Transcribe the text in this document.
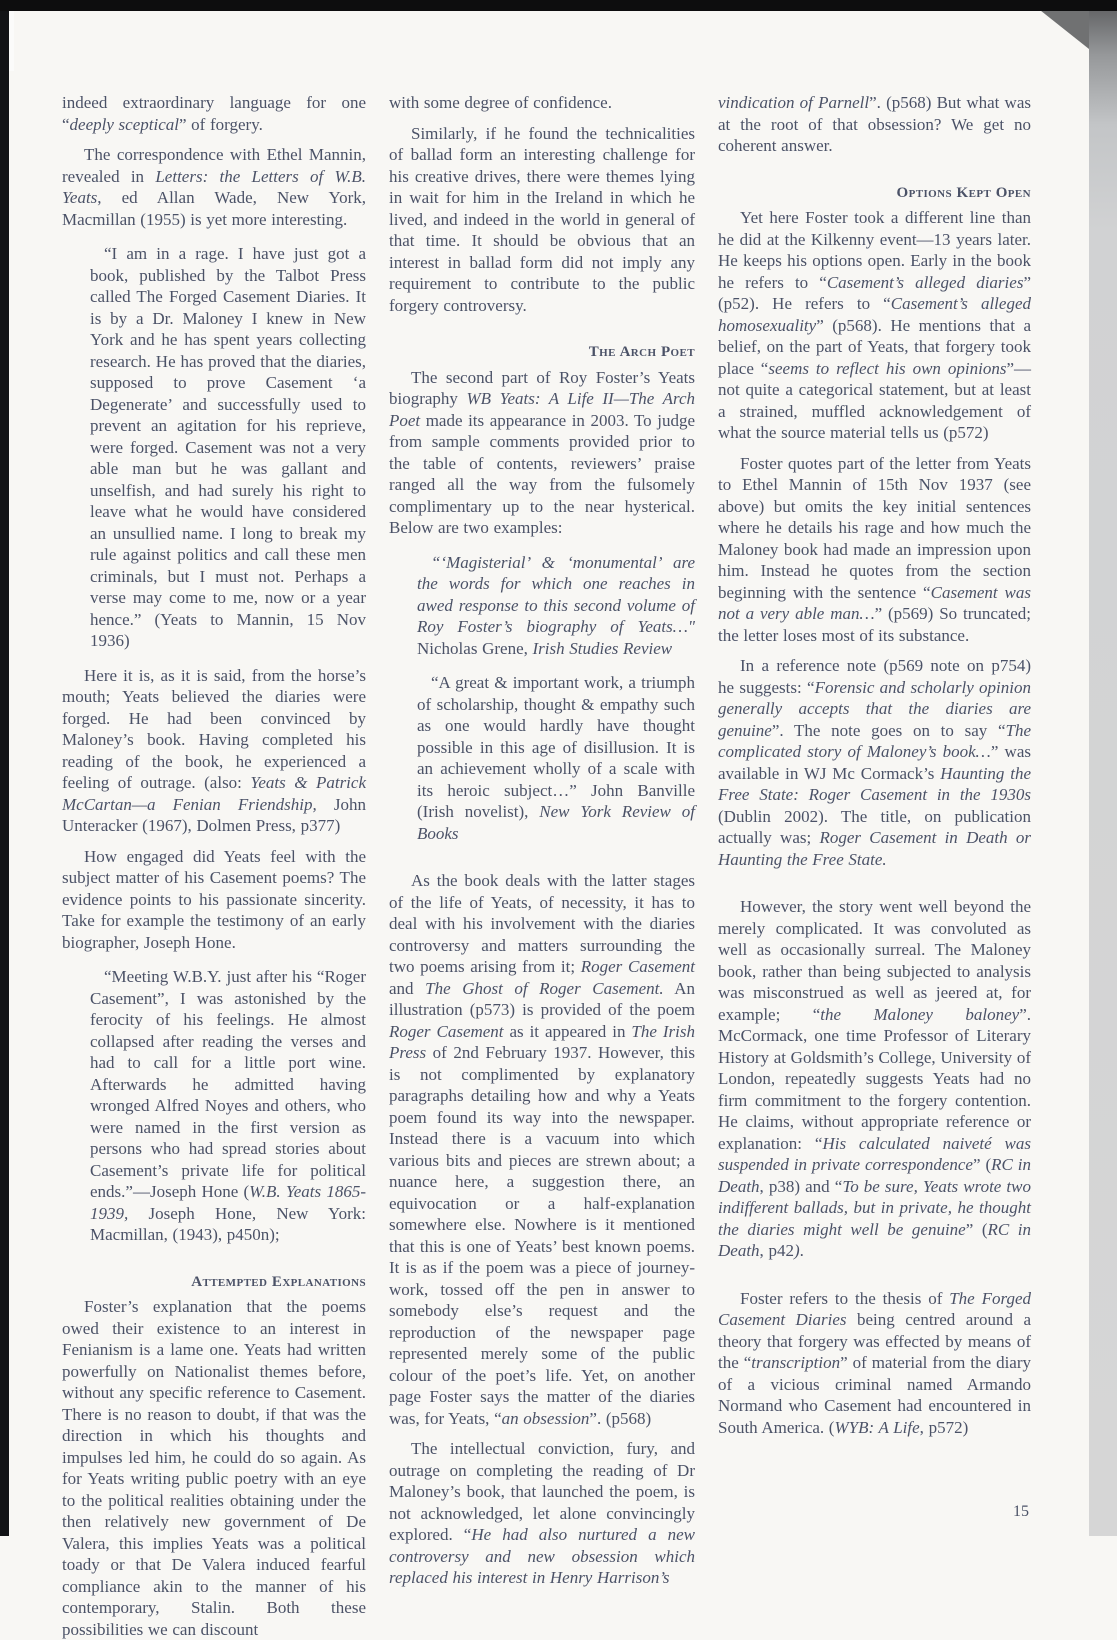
indeed extraordinary language for one “deeply sceptical” of forgery.
The correspondence with Ethel Mannin, revealed in Letters: the Letters of W.B. Yeats, ed Allan Wade, New York, Macmillan (1955) is yet more interesting.
“I am in a rage. I have just got a book, published by the Talbot Press called The Forged Casement Diaries. It is by a Dr. Maloney I knew in New York and he has spent years collecting research. He has proved that the diaries, supposed to prove Casement ‘a Degenerate’ and successfully used to prevent an agitation for his reprieve, were forged. Casement was not a very able man but he was gallant and unselfish, and had surely his right to leave what he would have considered an unsullied name. I long to break my rule against politics and call these men criminals, but I must not. Perhaps a verse may come to me, now or a year hence.” (Yeats to Mannin, 15 Nov 1936)
Here it is, as it is said, from the horse’s mouth; Yeats believed the diaries were forged. He had been convinced by Maloney’s book. Having completed his reading of the book, he experienced a feeling of outrage. (also: Yeats & Patrick McCartan—a Fenian Friendship, John Unteracker (1967), Dolmen Press, p377)
How engaged did Yeats feel with the subject matter of his Casement poems? The evidence points to his passionate sincerity. Take for example the testimony of an early biographer, Joseph Hone.
“Meeting W.B.Y. just after his “Roger Casement”, I was astonished by the ferocity of his feelings. He almost collapsed after reading the verses and had to call for a little port wine. Afterwards he admitted having wronged Alfred Noyes and others, who were named in the first version as persons who had spread stories about Casement’s private life for political ends.”—Joseph Hone (W.B. Yeats 1865-1939, Joseph Hone, New York: Macmillan, (1943), p450n);
Attempted Explanations
Foster’s explanation that the poems owed their existence to an interest in Fenianism is a lame one. Yeats had written powerfully on Nationalist themes before, without any specific reference to Casement. There is no reason to doubt, if that was the direction in which his thoughts and impulses led him, he could do so again. As for Yeats writing public poetry with an eye to the political realities obtaining under the then relatively new government of De Valera, this implies Yeats was a political toady or that De Valera induced fearful compliance akin to the manner of his contemporary, Stalin. Both these possibilities we can discount
with some degree of confidence.
Similarly, if he found the technicalities of ballad form an interesting challenge for his creative drives, there were themes lying in wait for him in the Ireland in which he lived, and indeed in the world in general of that time. It should be obvious that an interest in ballad form did not imply any requirement to contribute to the public forgery controversy.
The Arch Poet
The second part of Roy Foster’s Yeats biography WB Yeats: A Life II—The Arch Poet made its appearance in 2003. To judge from sample comments provided prior to the table of contents, reviewers’ praise ranged all the way from the fulsomely complimentary up to the near hysterical. Below are two examples:
“‘Magisterial’ & ‘monumental’ are the words for which one reaches in awed response to this second volume of Roy Foster’s biography of Yeats…" Nicholas Grene, Irish Studies Review
“A great & important work, a triumph of scholarship, thought & empathy such as one would hardly have thought possible in this age of disillusion. It is an achievement wholly of a scale with its heroic subject…” John Banville (Irish novelist), New York Review of Books
As the book deals with the latter stages of the life of Yeats, of necessity, it has to deal with his involvement with the diaries controversy and matters surrounding the two poems arising from it; Roger Casement and The Ghost of Roger Casement. An illustration (p573) is provided of the poem Roger Casement as it appeared in The Irish Press of 2nd February 1937. However, this is not complimented by explanatory paragraphs detailing how and why a Yeats poem found its way into the newspaper. Instead there is a vacuum into which various bits and pieces are strewn about; a nuance here, a suggestion there, an equivocation or a half-explanation somewhere else. Nowhere is it mentioned that this is one of Yeats’ best known poems. It is as if the poem was a piece of journey-work, tossed off the pen in answer to somebody else’s request and the reproduction of the newspaper page represented merely some of the public colour of the poet’s life. Yet, on another page Foster says the matter of the diaries was, for Yeats, “an obsession”. (p568)
The intellectual conviction, fury, and outrage on completing the reading of Dr Maloney’s book, that launched the poem, is not acknowledged, let alone convincingly explored. “He had also nurtured a new controversy and new obsession which replaced his interest in Henry Harrison’s
vindication of Parnell”. (p568) But what was at the root of that obsession? We get no coherent answer.
Options Kept Open
Yet here Foster took a different line than he did at the Kilkenny event—13 years later. He keeps his options open. Early in the book he refers to “Casement’s alleged diaries” (p52). He refers to “Casement’s alleged homosexuality” (p568). He mentions that a belief, on the part of Yeats, that forgery took place “seems to reflect his own opinions”—not quite a categorical statement, but at least a strained, muffled acknowledgement of what the source material tells us (p572)
Foster quotes part of the letter from Yeats to Ethel Mannin of 15th Nov 1937 (see above) but omits the key initial sentences where he details his rage and how much the Maloney book had made an impression upon him. Instead he quotes from the section beginning with the sentence “Casement was not a very able man…” (p569) So truncated; the letter loses most of its substance.
In a reference note (p569 note on p754) he suggests: “Forensic and scholarly opinion generally accepts that the diaries are genuine”. The note goes on to say “The complicated story of Maloney’s book…” was available in WJ Mc Cormack’s Haunting the Free State: Roger Casement in the 1930s (Dublin 2002). The title, on publication actually was; Roger Casement in Death or Haunting the Free State.
However, the story went well beyond the merely complicated. It was convoluted as well as occasionally surreal. The Maloney book, rather than being subjected to analysis was misconstrued as well as jeered at, for example; “the Maloney baloney”. McCormack, one time Professor of Literary History at Goldsmith’s College, University of London, repeatedly suggests Yeats had no firm commitment to the forgery contention. He claims, without appropriate reference or explanation: “His calculated naiveté was suspended in private correspondence” (RC in Death, p38) and “To be sure, Yeats wrote two indifferent ballads, but in private, he thought the diaries might well be genuine” (RC in Death, p42).
Foster refers to the thesis of The Forged Casement Diaries being centred around a theory that forgery was effected by means of the “transcription” of material from the diary of a vicious criminal named Armando Normand who Casement had encountered in South America. (WYB: A Life, p572)
15
